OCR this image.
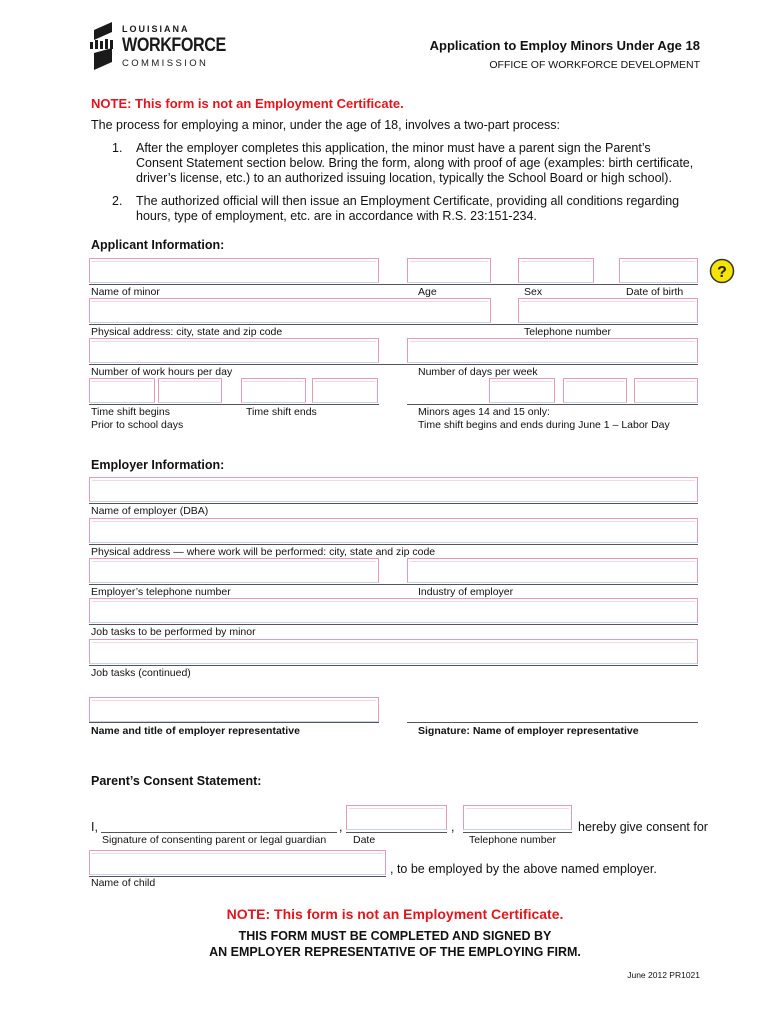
LOUISIANA
WORKFORCE
COMMISSION
Application to Employ Minors Under Age 18
OFFICE OF WORKFORCE DEVELOPMENT
NOTE: This form is not an Employment Certificate.
The process for employing a minor, under the age of 18, involves a two-part process:
1. After the employer completes this application, the minor must have a parent sign the Parent’s
Consent Statement section below. Bring the form, along with proof of age (examples: birth certificate,
driver’s license, etc.) to an authorized issuing location, typically the School Board or high school).
2. The authorized official will then issue an Employment Certificate, providing all conditions regarding
hours, type of employment, etc. are in accordance with R.S. 23:151-234.
Applicant Information:
?
Name of minor	Age	Sex	Date of birth
Physical address: city, state and zip code	Telephone number
Number of work hours per day	Number of days per week
Time shift begins	Time shift ends
Prior to school days
Minors ages 14 and 15 only:
Time shift begins and ends during June 1 – Labor Day
Employer Information:
Name of employer (DBA)
Physical address — where work will be performed: city, state and zip code
Employer’s telephone number	Industry of employer
Job tasks to be performed by minor
Job tasks (continued)
Name and title of employer representative	Signature: Name of employer representative
Parent’s Consent Statement:
I,	,	,	hereby give consent for
Signature of consenting parent or legal guardian	Date	Telephone number
, to be employed by the above named employer.
Name of child
NOTE: This form is not an Employment Certificate.
THIS FORM MUST BE COMPLETED AND SIGNED BY
AN EMPLOYER REPRESENTATIVE OF THE EMPLOYING FIRM.
June 2012 PR1021
